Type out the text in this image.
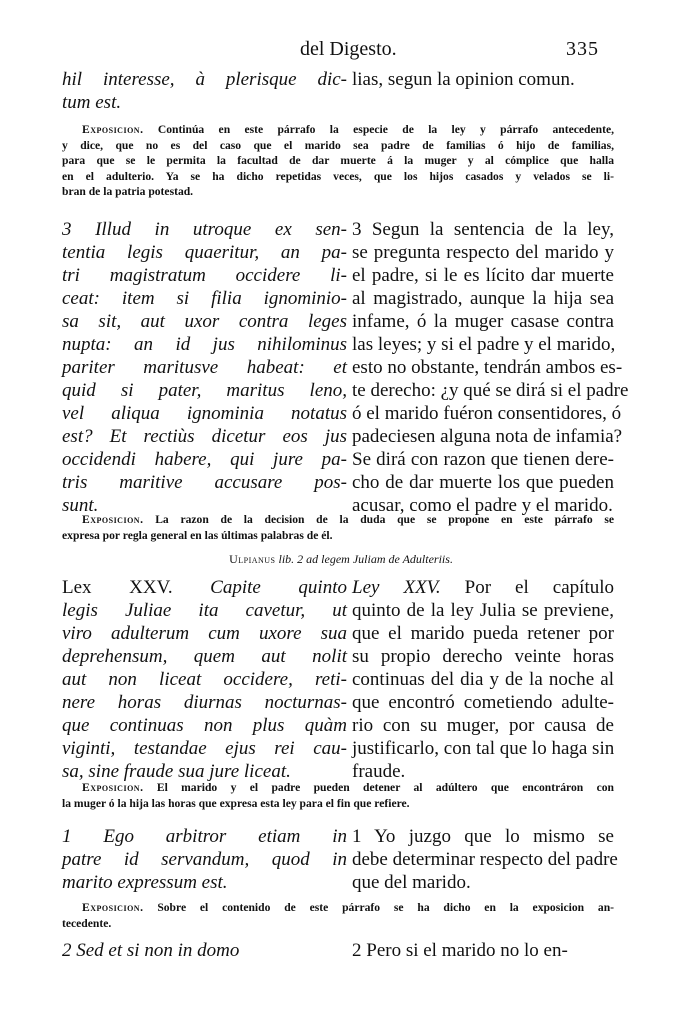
del Digesto.	335
hil interesse, à plerisque dic-
tum est.
lias, segun la opinion comun.
Exposicion. Continúa en este párrafo la especie de la ley y párrafo antecedente,
y dice, que no es del caso que el marido sea padre de familias ó hijo de familias,
para que se le permita la facultad de dar muerte á la muger y al cómplice que halla
en el adulterio. Ya se ha dicho repetidas veces, que los hijos casados y velados se li-
bran de la patria potestad.
3 Illud in utroque ex sen-
tentia legis quaeritur, an pa-
tri magistratum occidere li-
ceat: item si filia ignominio-
sa sit, aut uxor contra leges
nupta: an id jus nihilominus
pariter maritusve habeat: et
quid si pater, maritus leno,
vel aliqua ignominia notatus
est? Et rectiùs dicetur eos jus
occidendi habere, qui jure pa-
tris maritive accusare pos-
sunt.
3 Segun la sentencia de la ley,
se pregunta respecto del marido y
el padre, si le es lícito dar muerte
al magistrado, aunque la hija sea
infame, ó la muger casase contra
las leyes; y si el padre y el marido,
esto no obstante, tendrán ambos es-
te derecho: ¿y qué se dirá si el padre
ó el marido fuéron consentidores, ó
padeciesen alguna nota de infamia?
Se dirá con razon que tienen dere-
cho de dar muerte los que pueden
acusar, como el padre y el marido.
Exposicion. La razon de la decision de la duda que se propone en este párrafo se
expresa por regla general en las últimas palabras de él.
Ulpianus lib. 2 ad legem Juliam de Adulteriis.
Lex XXV. Capite quinto
legis Juliae ita cavetur, ut
viro adulterum cum uxore sua
deprehensum, quem aut nolit
aut non liceat occidere, reti-
nere horas diurnas nocturnas-
que continuas non plus quàm
viginti, testandae ejus rei cau-
sa, sine fraude sua jure liceat.
Ley XXV. Por el capítulo
quinto de la ley Julia se previene,
que el marido pueda retener por
su propio derecho veinte horas
continuas del dia y de la noche al
que encontró cometiendo adulte-
rio con su muger, por causa de
justificarlo, con tal que lo haga sin
fraude.
Exposicion. El marido y el padre pueden detener al adúltero que encontráron con
la muger ó la hija las horas que expresa esta ley para el fin que refiere.
1 Ego arbitror etiam in
patre id servandum, quod in
marito expressum est.
1 Yo juzgo que lo mismo se
debe determinar respecto del padre
que del marido.
Exposicion. Sobre el contenido de este párrafo se ha dicho en la exposicion an-
tecedente.
2 Sed et si non in domo	2 Pero si el marido no lo en-
